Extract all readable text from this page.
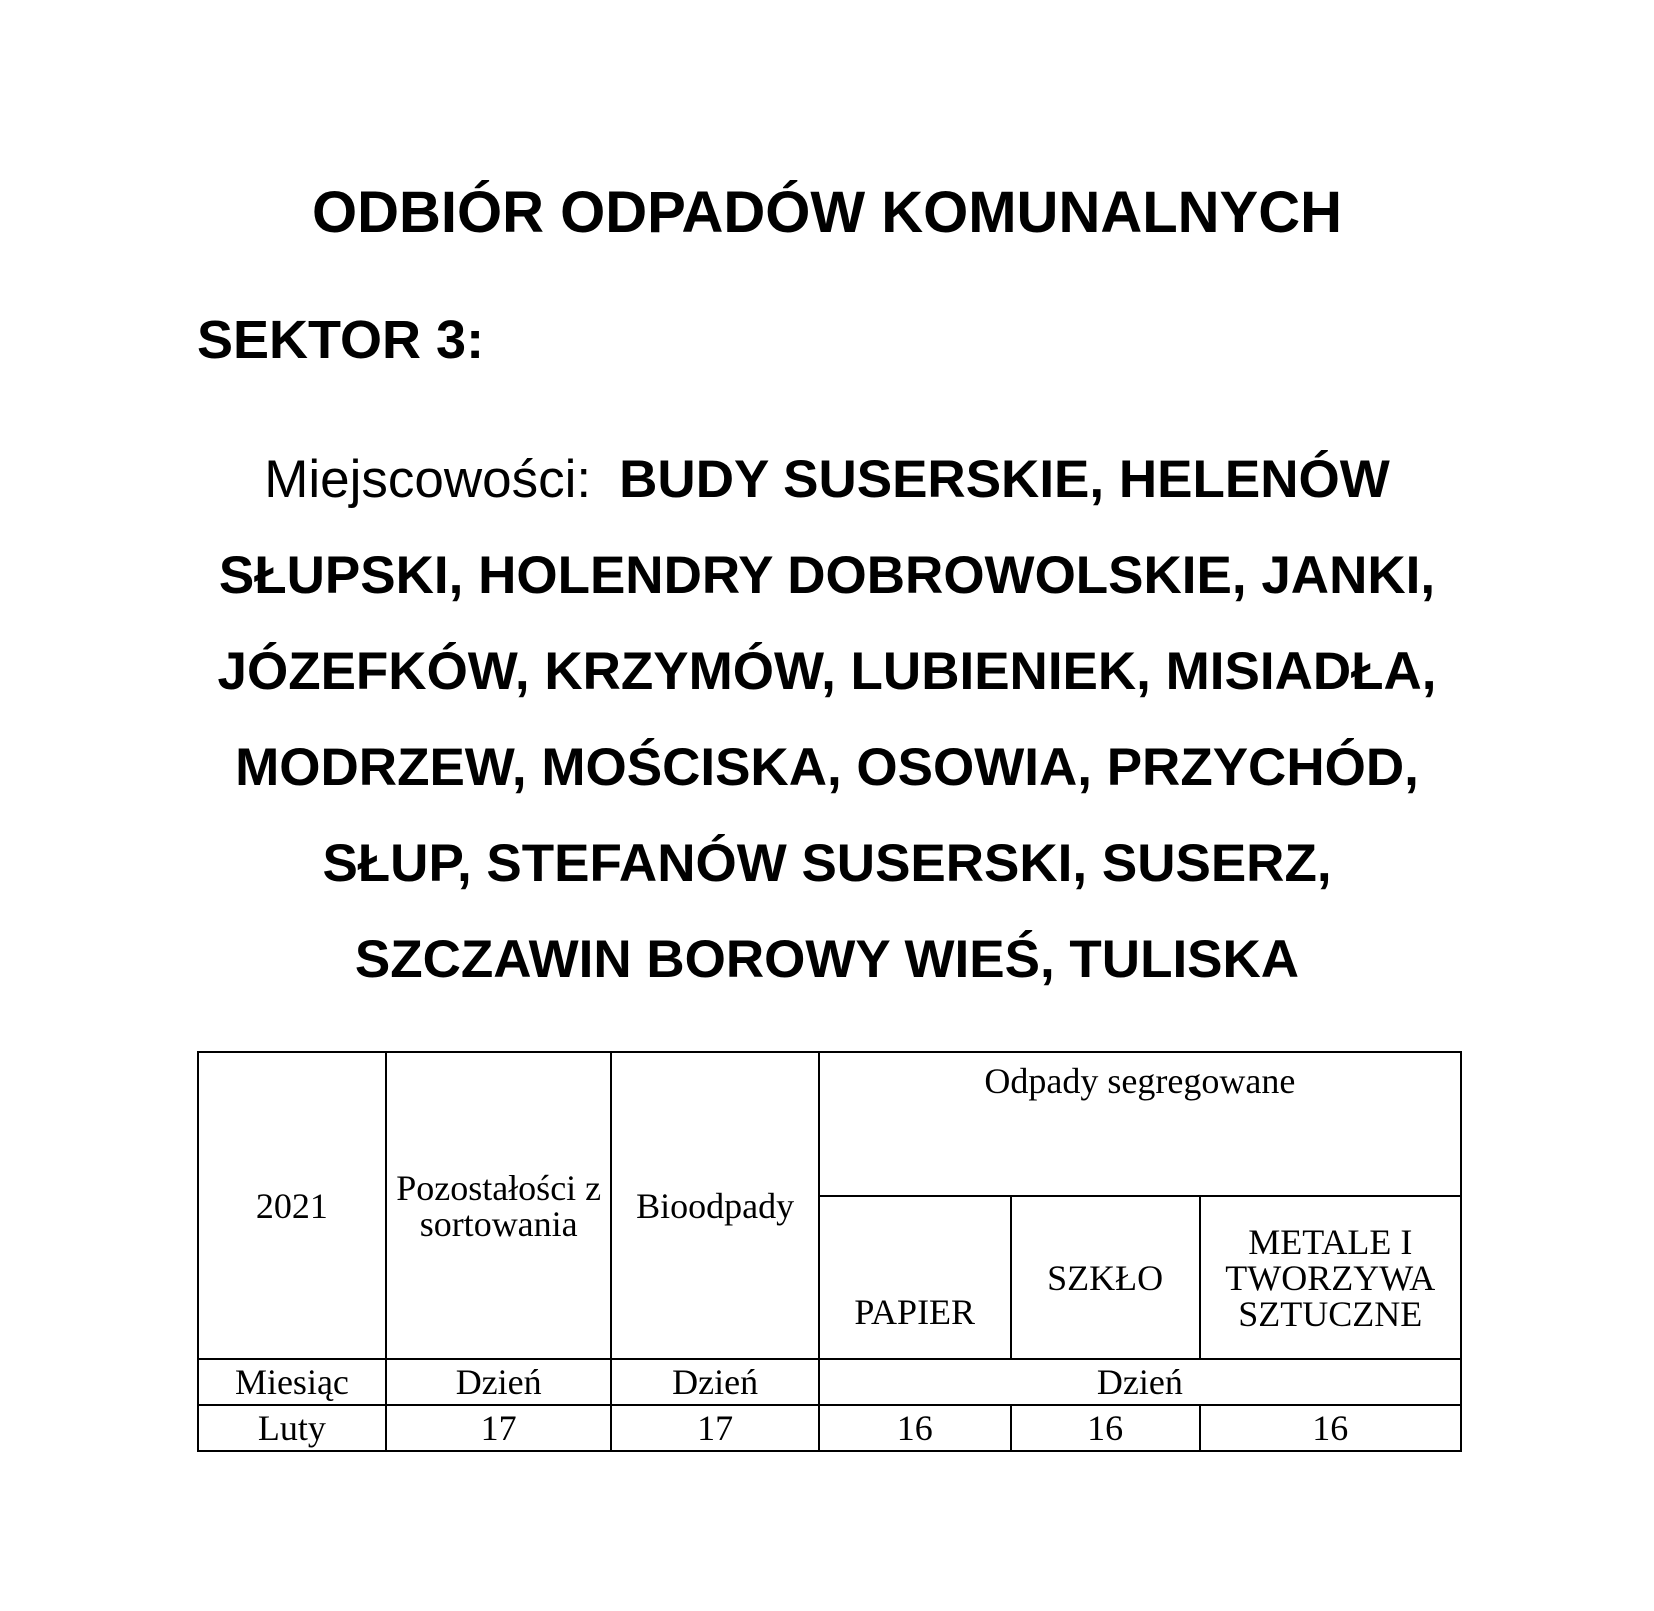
ODBIÓR ODPADÓW KOMUNALNYCH
SEKTOR 3:

Miejscowości: BUDY SUSERSKIE, HELENÓW SŁUPSKI, HOLENDRY DOBROWOLSKIE, JANKI, JÓZEFKÓW, KRZYMÓW, LUBIENIEK, MISIADŁA, MODRZEW, MOŚCISKA, OSOWIA, PRZYCHÓD, SŁUP, STEFANÓW SUSERSKI, SUSERZ, SZCZAWIN BOROWY WIEŚ, TULISKA

2021	Pozostałości z sortowania	Bioodpady	Odpady segregowane		
			PAPIER	SZKŁO	METALE I TWORZYWA SZTUCZNE
Miesiąc	Dzień	Dzień	Dzień		
Luty	17	17	16	16	16
